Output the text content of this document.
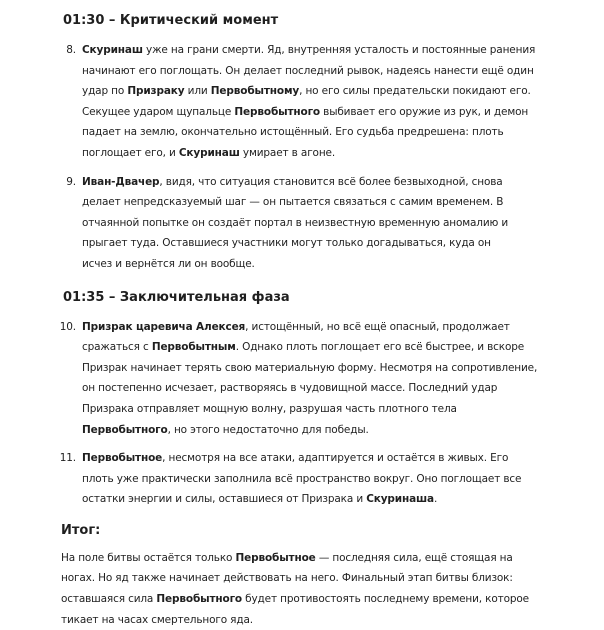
01:30 – Критический момент
8. Скуринаш уже на грани смерти. Яд, внутренняя усталость и постоянные ранения начинают его поглощать. Он делает последний рывок, надеясь нанести ещё один удар по Призраку или Первобытному, но его силы предательски покидают его. Секущее ударом щупальце Первобытного выбивает его оружие из рук, и демон падает на землю, окончательно истощённый. Его судьба предрешена: плоть поглощает его, и Скуринаш умирает в агоне.
9. Иван-Двачер, видя, что ситуация становится всё более безвыходной, снова делает непредсказуемый шаг — он пытается связаться с самим временем. В отчаянной попытке он создаёт портал в неизвестную временную аномалию и прыгает туда. Оставшиеся участники могут только догадываться, куда он исчез и вернётся ли он вообще.
01:35 – Заключительная фаза
10. Призрак царевича Алексея, истощённый, но всё ещё опасный, продолжает сражаться с Первобытным. Однако плоть поглощает его всё быстрее, и вскоре Призрак начинает терять свою материальную форму. Несмотря на сопротивление, он постепенно исчезает, растворяясь в чудовищной массе. Последний удар Призрака отправляет мощную волну, разрушая часть плотного тела Первобытного, но этого недостаточно для победы.
11. Первобытное, несмотря на все атаки, адаптируется и остаётся в живых. Его плоть уже практически заполнила всё пространство вокруг. Оно поглощает все остатки энергии и силы, оставшиеся от Призрака и Скуринаша.
Итог:

На поле битвы остаётся только Первобытное — последняя сила, ещё стоящая на ногах. Но яд также начинает действовать на него. Финальный этап битвы близок: оставшаяся сила Первобытного будет противостоять последнему времени, которое тикает на часах смертельного яда.
